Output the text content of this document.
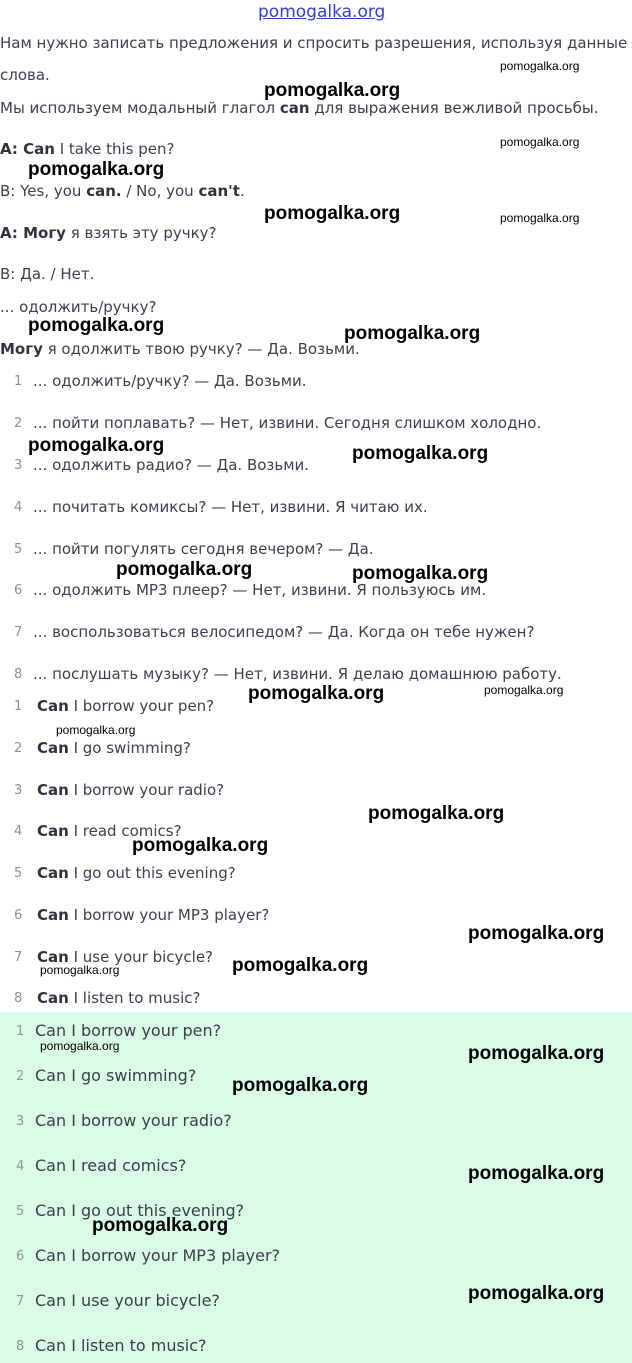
pomogalka.org
Нам нужно записать предложения и спросить разрешения, используя данные
слова.
Мы используем модальный глагол can для выражения вежливой просьбы.
A: Can I take this pen?
B: Yes, you can. / No, you can't.
A: Могу я взять эту ручку?
B: Да. / Нет.
... одолжить/ручку?
Могу я одолжить твою ручку? — Да. Возьми.
1 ... одолжить/ручку? — Да. Возьми.
2 ... пойти поплавать? — Нет, извини. Сегодня слишком холодно.
3 ... одолжить радио? — Да. Возьми.
4 ... почитать комиксы? — Нет, извини. Я читаю их.
5 ... пойти погулять сегодня вечером? — Да.
6 ... одолжить MP3 плеер? — Нет, извини. Я пользуюсь им.
7 ... воспользоваться велосипедом? — Да. Когда он тебе нужен?
8 ... послушать музыку? — Нет, извини. Я делаю домашнюю работу.
1 Can I borrow your pen?
2 Can I go swimming?
3 Can I borrow your radio?
4 Can I read comics?
5 Can I go out this evening?
6 Can I borrow your MP3 player?
7 Can I use your bicycle?
8 Can I listen to music?
1 Can I borrow your pen?
2 Can I go swimming?
3 Can I borrow your radio?
4 Can I read comics?
5 Can I go out this evening?
6 Can I borrow your MP3 player?
7 Can I use your bicycle?
8 Can I listen to music?
pomogalka.org
pomogalka.org
pomogalka.org
pomogalka.org
pomogalka.org	pomogalka.org
pomogalka.org	pomogalka.org
pomogalka.org	pomogalka.org
pomogalka.org	pomogalka.org
pomogalka.org	pomogalka.org
pomogalka.org
pomogalka.org
pomogalka.org
pomogalka.org
pomogalka.org
pomogalka.org
pomogalka.org	pomogalka.org
pomogalka.org
pomogalka.org
pomogalka.org
pomogalka.org
